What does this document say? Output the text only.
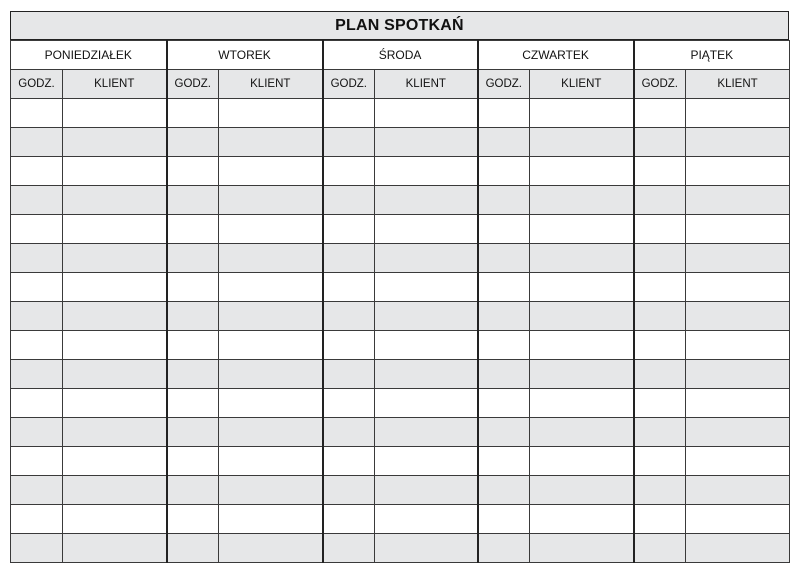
PLAN SPOTKAŃ
PONIEDZIAŁEK		WTOREK		ŚRODA		CZWARTEK		PIĄTEK	
GODZ.	KLIENT	GODZ.	KLIENT	GODZ.	KLIENT	GODZ.	KLIENT	GODZ.	KLIENT
